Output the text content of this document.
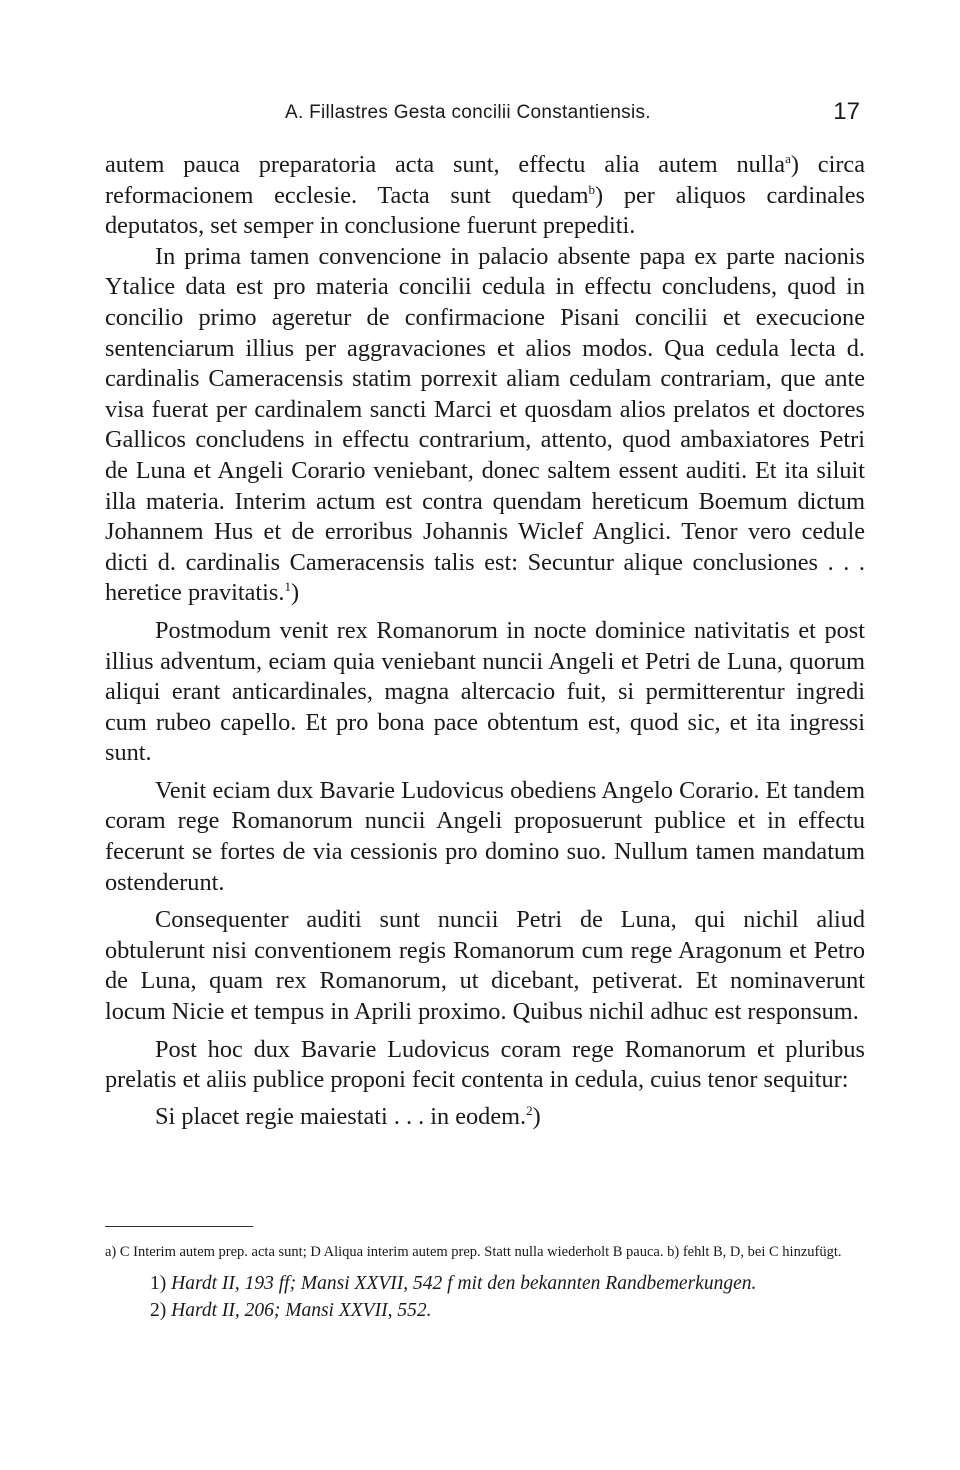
A. Fillastres Gesta concilii Constantiensis.	17

autem pauca preparatoria acta sunt, effectu alia autem nulla$^a$) circa reformacionem ecclesie. Tacta sunt quedam$^b$) per aliquos cardinales deputatos, set semper in conclusione fuerunt prepediti.

In prima tamen convencione in palacio absente papa ex parte nacionis Ytalice data est pro materia concilii cedula in effectu concludens, quod in concilio primo ageretur de confirmacione Pisani concilii et execucione sentenciarum illius per aggravaciones et alios modos. Qua cedula lecta d. cardinalis Cameracensis statim porrexit aliam cedulam contrariam, que ante visa fuerat per cardinalem sancti Marci et quosdam alios prelatos et doctores Gallicos concludens in effectu contrarium, attento, quod ambaxiatores Petri de Luna et Angeli Corario veniebant, donec saltem essent auditi. Et ita siluit illa materia. Interim actum est contra quendam hereticum Boemum dictum Johannem Hus et de erroribus Johannis Wiclef Anglici. Tenor vero cedule dicti d. cardinalis Cameracensis talis est: Secuntur alique conclusiones . . . heretice pravitatis.$^1$)

Postmodum venit rex Romanorum in nocte dominice nativitatis et post illius adventum, eciam quia veniebant nuncii Angeli et Petri de Luna, quorum aliqui erant anticardinales, magna altercacio fuit, si permitterentur ingredi cum rubeo capello. Et pro bona pace obtentum est, quod sic, et ita ingressi sunt.

Venit eciam dux Bavarie Ludovicus obediens Angelo Corario. Et tandem coram rege Romanorum nuncii Angeli proposuerunt publice et in effectu fecerunt se fortes de via cessionis pro domino suo. Nullum tamen mandatum ostenderunt.

Consequenter auditi sunt nuncii Petri de Luna, qui nichil aliud obtulerunt nisi conventionem regis Romanorum cum rege Aragonum et Petro de Luna, quam rex Romanorum, ut dicebant, petiverat. Et nominaverunt locum Nicie et tempus in Aprili proximo. Quibus nichil adhuc est responsum.

Post hoc dux Bavarie Ludovicus coram rege Romanorum et pluribus prelatis et aliis publice proponi fecit contenta in cedula, cuius tenor sequitur:

Si placet regie maiestati . . . in eodem.$^2$)

a) C Interim autem prep. acta sunt; D Aliqua interim autem prep. Statt nulla wiederholt B pauca. b) fehlt B, D, bei C hinzufügt.

1) Hardt II, 193 ff; Mansi XXVII, 542 f mit den bekannten Randbemerkungen.

2) Hardt II, 206; Mansi XXVII, 552.
